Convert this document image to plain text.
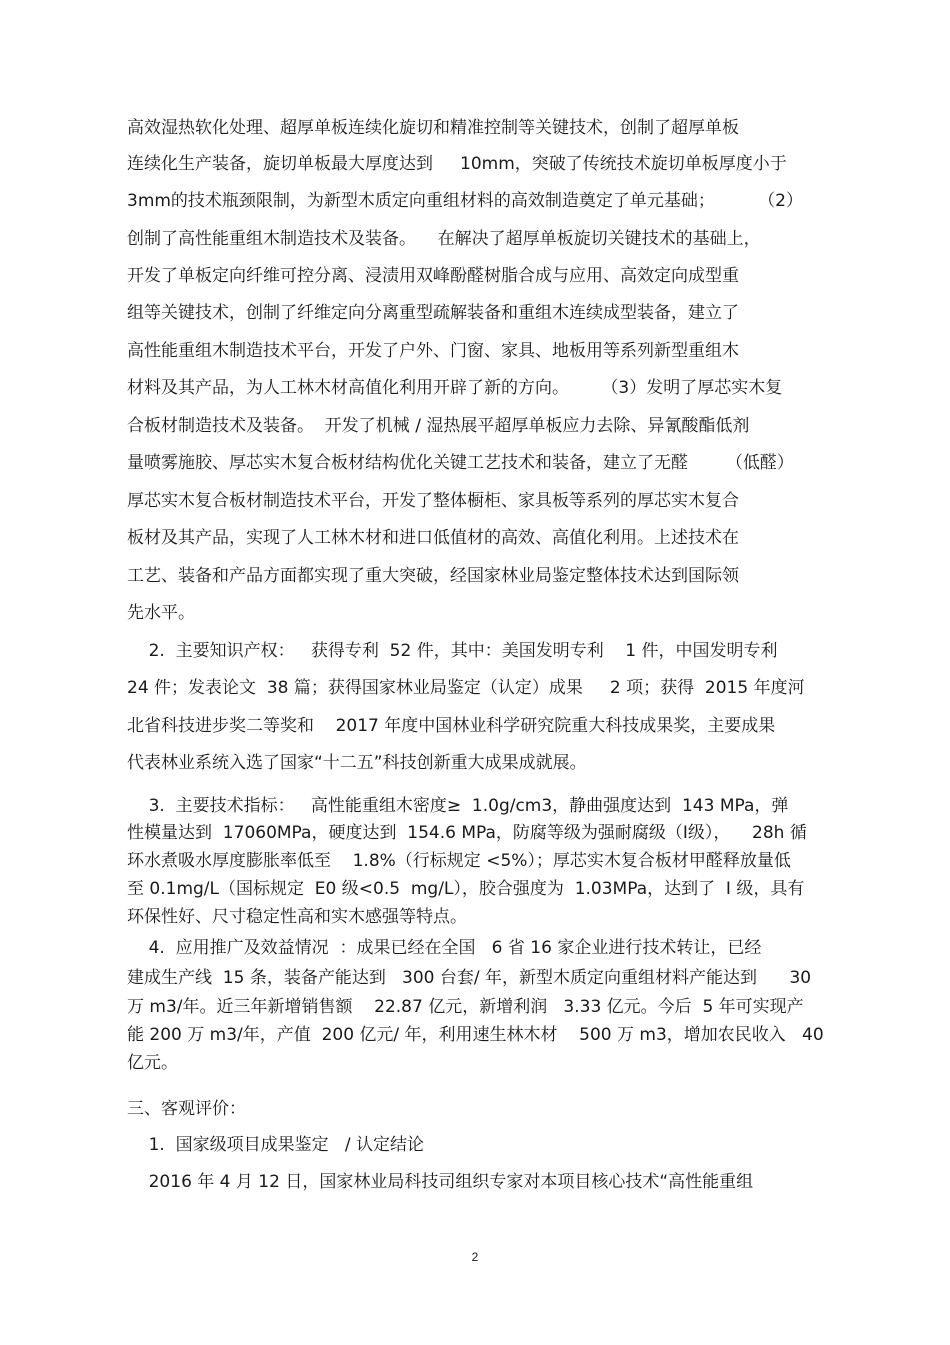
高效湿热软化处理、超厚单板连续化旋切和精准控制等关键技术，创制了超厚单板
连续化生产装备，旋切单板最大厚度达到     10mm，突破了传统技术旋切单板厚度小于
3mm的技术瓶颈限制，为新型木质定向重组材料的高效制造奠定了单元基础；        （2）
创制了高性能重组木制造技术及装备。    在解决了超厚单板旋切关键技术的基础上，
开发了单板定向纤维可控分离、浸渍用双峰酚醛树脂合成与应用、高效定向成型重
组等关键技术，创制了纤维定向分离重型疏解装备和重组木连续成型装备，建立了
高性能重组木制造技术平台，开发了户外、门窗、家具、地板用等系列新型重组木
材料及其产品，为人工林木材高值化利用开辟了新的方向。      （3）发明了厚芯实木复
合板材制造技术及装备。  开发了机械 / 湿热展平超厚单板应力去除、异氰酸酯低剂
量喷雾施胶、厚芯实木复合板材结构优化关键工艺技术和装备，建立了无醛       （低醛）
厚芯实木复合板材制造技术平台，开发了整体橱柜、家具板等系列的厚芯实木复合
板材及其产品，实现了人工林木材和进口低值材的高效、高值化利用。上述技术在
工艺、装备和产品方面都实现了重大突破，经国家林业局鉴定整体技术达到国际领
先水平。
2.  主要知识产权：   获得专利  52 件，其中：美国发明专利    1 件，中国发明专利
24 件；发表论文  38 篇；获得国家林业局鉴定（认定）成果     2 项；获得  2015 年度河
北省科技进步奖二等奖和    2017 年度中国林业科学研究院重大科技成果奖，主要成果
代表林业系统入选了国家“十二五”科技创新重大成果成就展。
3.  主要技术指标：   高性能重组木密度≥  1.0g/cm3，静曲强度达到  143 MPa，弹
性模量达到  17060MPa，硬度达到  154.6 MPa，防腐等级为强耐腐级（Ⅰ级），    28h 循
环水煮吸水厚度膨胀率低至    1.8%（行标规定 <5%）；厚芯实木复合板材甲醛释放量低
至 0.1mg/L（国标规定  E0 级<0.5  mg/L），胶合强度为  1.03MPa，达到了  Ⅰ 级，具有
环保性好、尺寸稳定性高和实木感强等特点。
4.  应用推广及效益情况  ：成果已经在全国   6 省 16 家企业进行技术转让，已经
建成生产线  15 条，装备产能达到   300 台套/ 年，新型木质定向重组材料产能达到      30
万 m3/年。近三年新增销售额    22.87 亿元，新增利润   3.33 亿元。今后  5 年可实现产
能 200 万 m3/年，产值  200 亿元/ 年，利用速生林木材    500 万 m3，增加农民收入   40
亿元。
三、客观评价：
1.  国家级项目成果鉴定   / 认定结论
2016 年 4 月 12 日，国家林业局科技司组织专家对本项目核心技术“高性能重组
2
